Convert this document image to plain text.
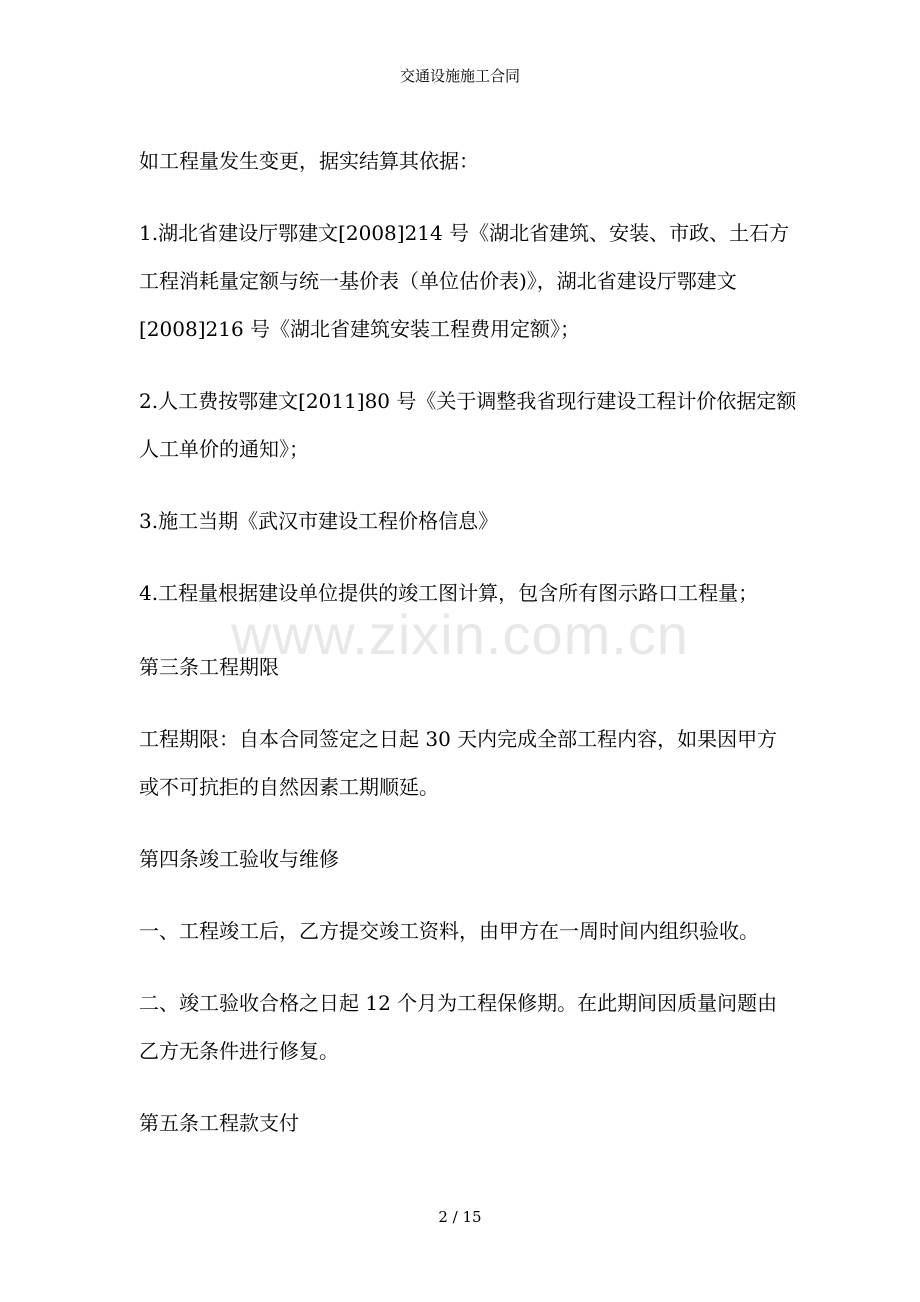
交通设施施工合同
如工程量发生变更，据实结算其依据：
1.湖北省建设厅鄂建文[2008]214 号《湖北省建筑、安装、市政、土石方
工程消耗量定额与统一基价表（单位估价表)》，湖北省建设厅鄂建文
[2008]216 号《湖北省建筑安装工程费用定额》；
2.人工费按鄂建文[2011]80 号《关于调整我省现行建设工程计价依据定额
人工单价的通知》；
3.施工当期《武汉市建设工程价格信息》
4.工程量根据建设单位提供的竣工图计算，包含所有图示路口工程量；
第三条工程期限
工程期限：自本合同签定之日起 30 天内完成全部工程内容，如果因甲方
或不可抗拒的自然因素工期顺延。
第四条竣工验收与维修
一、工程竣工后，乙方提交竣工资料，由甲方在一周时间内组织验收。
二、竣工验收合格之日起 12 个月为工程保修期。在此期间因质量问题由
乙方无条件进行修复。
第五条工程款支付
www.zixin.com.cn
2 / 15
